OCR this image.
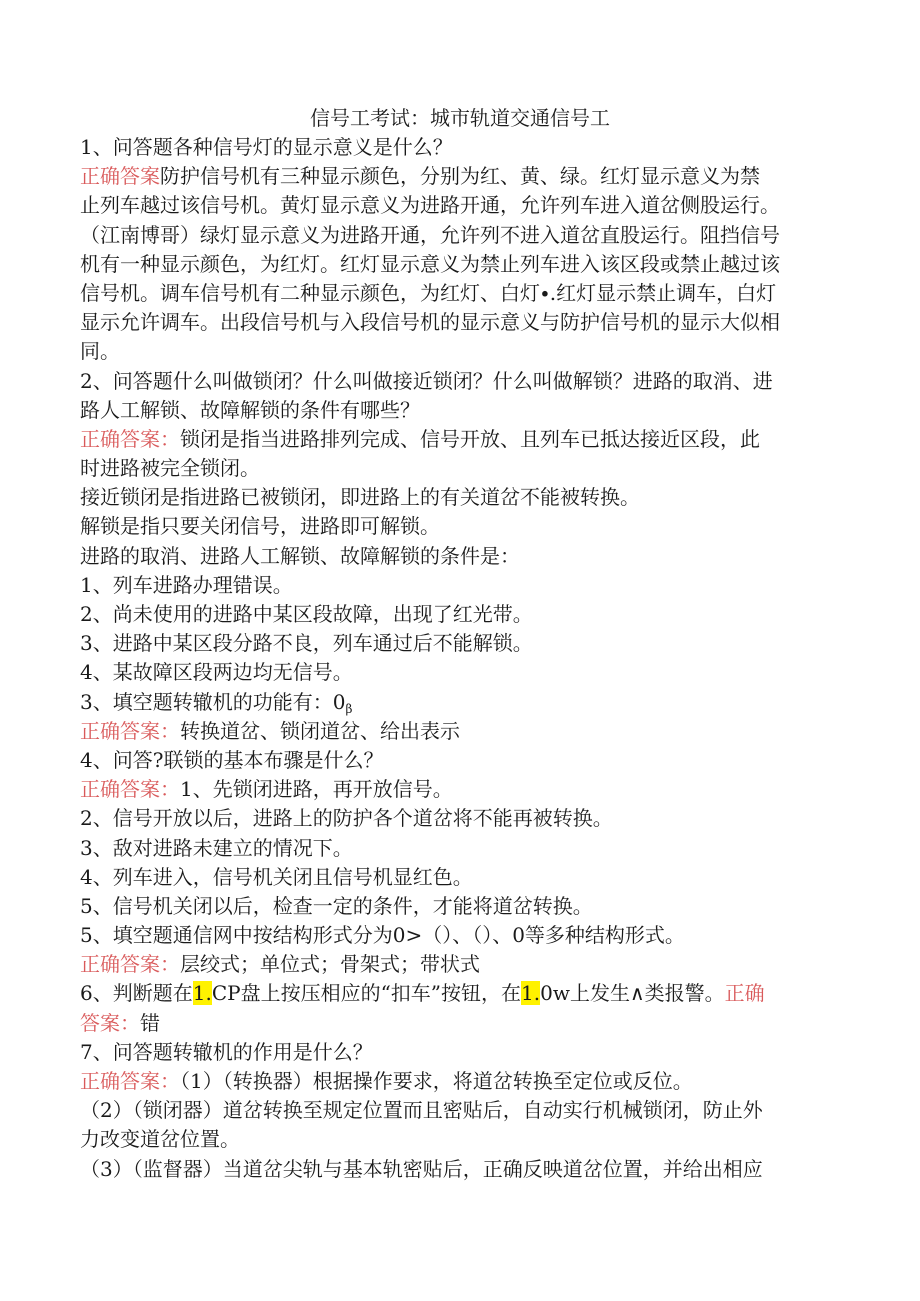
信号工考试：城市轨道交通信号工
1、问答题各种信号灯的显示意义是什么？
正确答案防护信号机有三种显示颜色，分别为红、黄、绿。红灯显示意义为禁
止列车越过该信号机。黄灯显示意义为进路开通，允许列车进入道岔侧股运行。
（江南博哥）绿灯显示意义为进路开通，允许列不进入道岔直股运行。阻挡信号
机有一种显示颜色，为红灯。红灯显示意义为禁止列车进入该区段或禁止越过该
信号机。调车信号机有二种显示颜色，为红灯、白灯∙.红灯显示禁止调车，白灯
显示允许调车。出段信号机与入段信号机的显示意义与防护信号机的显示大似相
同。
2、问答题什么叫做锁闭？什么叫做接近锁闭？什么叫做解锁？进路的取消、进
路人工解锁、故障解锁的条件有哪些？
正确答案：锁闭是指当进路排列完成、信号开放、且列车已抵达接近区段，此
时进路被完全锁闭。
接近锁闭是指进路已被锁闭，即进路上的有关道岔不能被转换。
解锁是指只要关闭信号，进路即可解锁。
进路的取消、进路人工解锁、故障解锁的条件是：
1、列车进路办理错误。
2、尚未使用的进路中某区段故障，出现了红光带。
3、进路中某区段分路不良，列车通过后不能解锁。
4、某故障区段两边均无信号。
3、填空题转辙机的功能有：$0_\beta$
正确答案：转换道岔、锁闭道岔、给出表示
4、问答?联锁的基本布骤是什么？
正确答案：1、先锁闭进路，再开放信号。
2、信号开放以后，进路上的防护各个道岔将不能再被转换。
3、敌对进路未建立的情况下。
4、列车进入，信号机关闭且信号机显红色。
5、信号机关闭以后，检查一定的条件，才能将道岔转换。
5、填空题通信网中按结构形式分为0>（）、（）、0等多种结构形式。
正确答案：层绞式；单位式；骨架式；带状式
6、判断题在1.CP盘上按压相应的“扣车”按钮，在1.0w上发生∧类报警。正确
答案：错
7、问答题转辙机的作用是什么？
正确答案：（1）（转换器）根据操作要求，将道岔转换至定位或反位。
（2）（锁闭器）道岔转换至规定位置而且密贴后，自动实行机械锁闭，防止外
力改变道岔位置。
（3）（监督器）当道岔尖轨与基本轨密贴后，正确反映道岔位置，并给出相应
